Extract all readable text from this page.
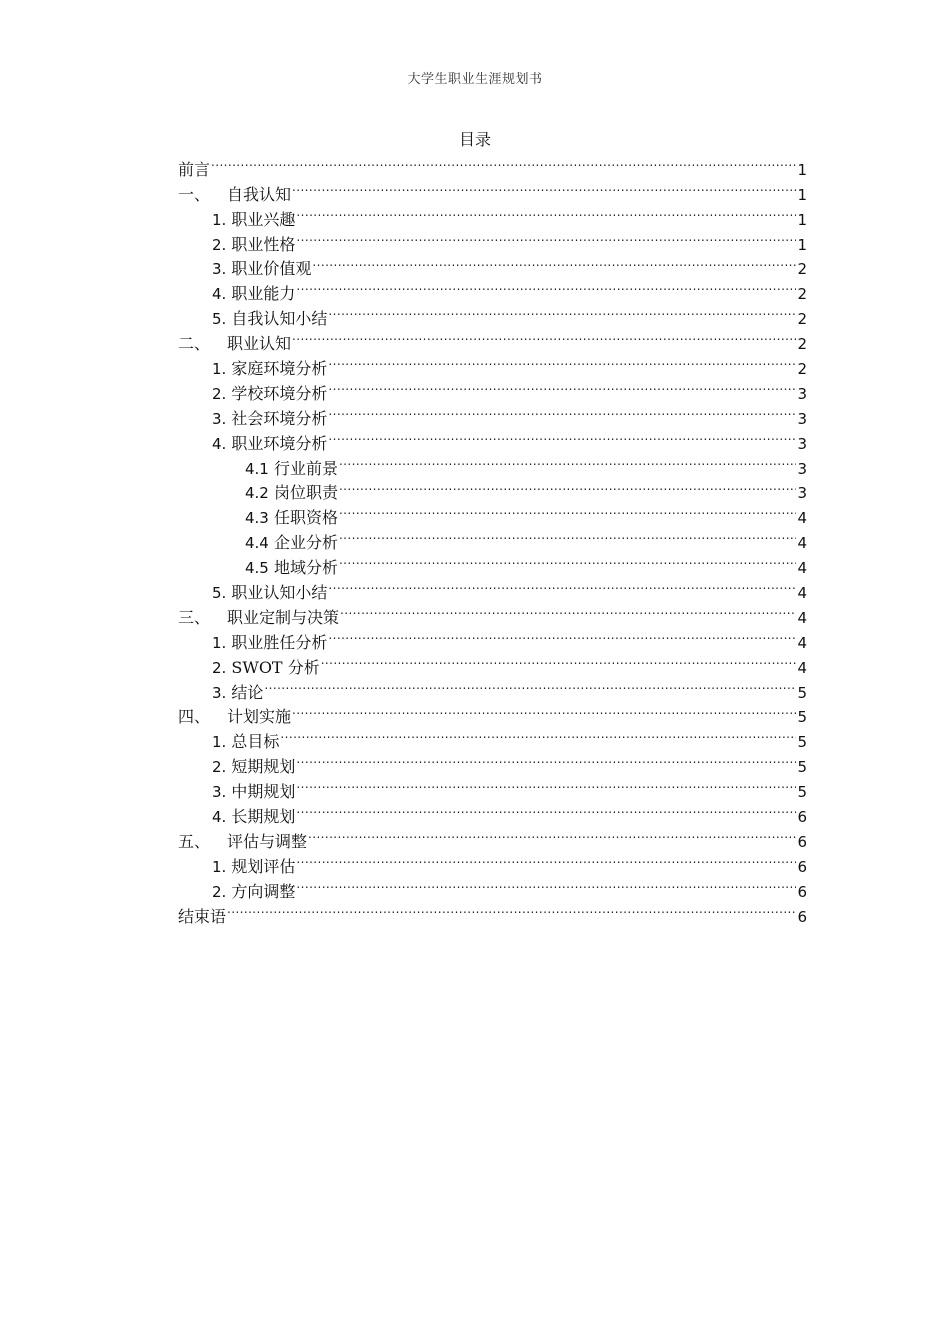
大学生职业生涯规划书
目录
前言 .....	1
一、 自我认知 .....	1
1. 职业兴趣 .....	1
2. 职业性格 .....	1
3. 职业价值观 .....	2
4. 职业能力 .....	2
5. 自我认知小结 .....	2
二、 职业认知 .....	2
1. 家庭环境分析 .....	2
2. 学校环境分析 .....	3
3. 社会环境分析 .....	3
4. 职业环境分析 .....	3
4.1 行业前景 .....	3
4.2 岗位职责 .....	3
4.3 任职资格 .....	4
4.4 企业分析 .....	4
4.5 地域分析 .....	4
5. 职业认知小结 .....	4
三、 职业定制与决策 .....	4
1. 职业胜任分析 .....	4
2. SWOT 分析 .....	4
3. 结论 .....	5
四、 计划实施 .....	5
1. 总目标 .....	5
2. 短期规划 .....	5
3. 中期规划 .....	5
4. 长期规划 .....	6
五、 评估与调整 .....	6
1. 规划评估 .....	6
2. 方向调整 .....	6
结束语 .....	6
